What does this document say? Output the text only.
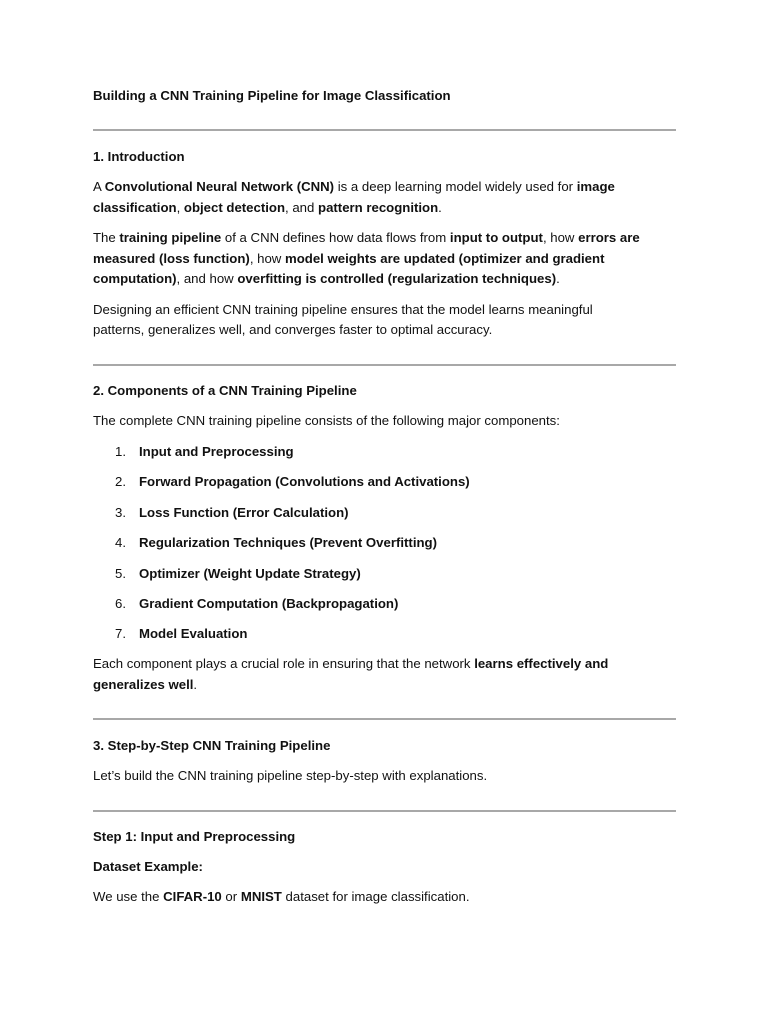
Building a CNN Training Pipeline for Image Classification
1. Introduction
A Convolutional Neural Network (CNN) is a deep learning model widely used for image
classification, object detection, and pattern recognition.
The training pipeline of a CNN defines how data flows from input to output, how errors are
measured (loss function), how model weights are updated (optimizer and gradient
computation), and how overfitting is controlled (regularization techniques).
Designing an efficient CNN training pipeline ensures that the model learns meaningful
patterns, generalizes well, and converges faster to optimal accuracy.
2. Components of a CNN Training Pipeline
The complete CNN training pipeline consists of the following major components:
1. Input and Preprocessing
2. Forward Propagation (Convolutions and Activations)
3. Loss Function (Error Calculation)
4. Regularization Techniques (Prevent Overfitting)
5. Optimizer (Weight Update Strategy)
6. Gradient Computation (Backpropagation)
7. Model Evaluation
Each component plays a crucial role in ensuring that the network learns effectively and
generalizes well.
3. Step-by-Step CNN Training Pipeline
Let’s build the CNN training pipeline step-by-step with explanations.
Step 1: Input and Preprocessing
Dataset Example:
We use the CIFAR-10 or MNIST dataset for image classification.
